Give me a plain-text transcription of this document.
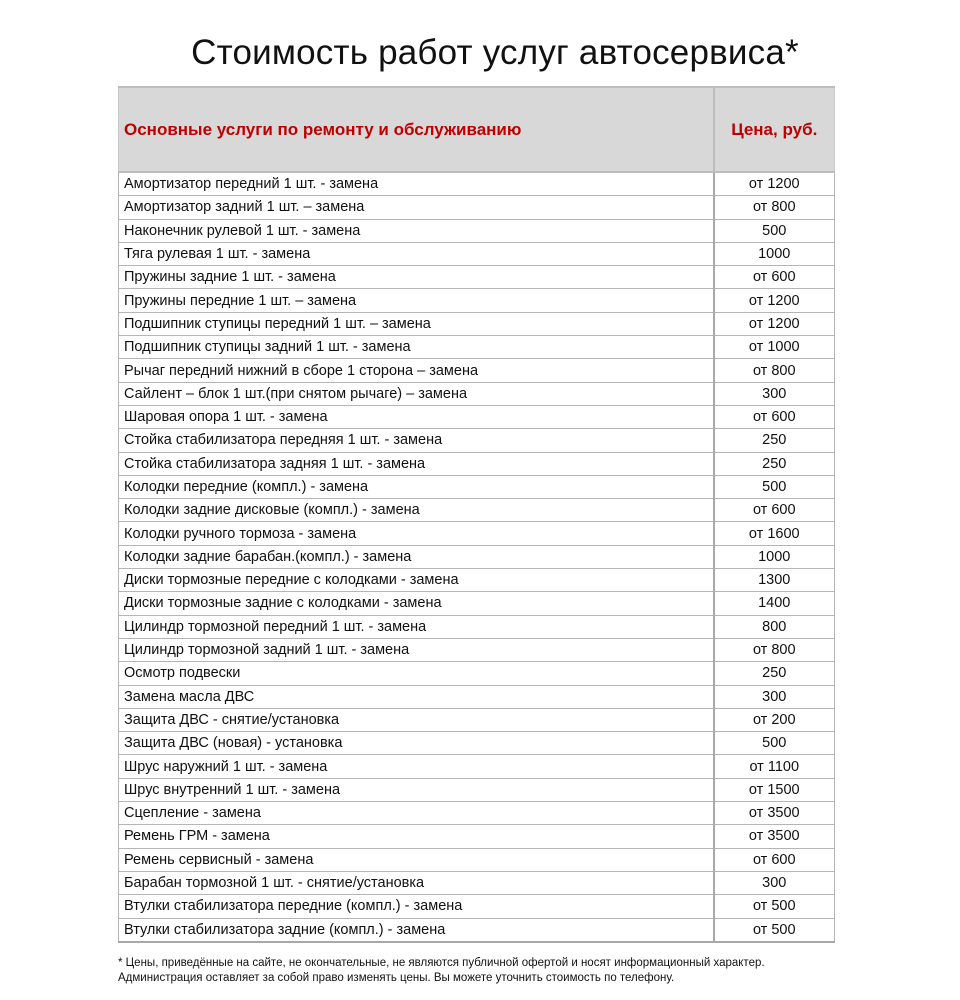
Стоимость работ услуг автосервиса*
Основные услуги по ремонту и обслуживанию	Цена, руб.
Амортизатор передний 1 шт. - замена	от 1200
Амортизатор задний 1 шт. – замена	от 800
Наконечник рулевой 1 шт. - замена	500
Тяга рулевая 1 шт. - замена	1000
Пружины задние 1 шт. - замена	от 600
Пружины передние 1 шт. – замена	от 1200
Подшипник ступицы передний 1 шт. – замена	от 1200
Подшипник ступицы задний 1 шт. - замена	от 1000
Рычаг передний нижний в сборе 1 сторона – замена	от 800
Сайлент – блок 1 шт.(при снятом рычаге) – замена	300
Шаровая опора 1 шт. - замена	от 600
Стойка стабилизатора передняя 1 шт. - замена	250
Стойка стабилизатора задняя 1 шт. - замена	250
Колодки передние (компл.) - замена	500
Колодки задние дисковые (компл.) - замена	от 600
Колодки ручного тормоза - замена	от 1600
Колодки задние барабан.(компл.) - замена	1000
Диски тормозные передние с колодками - замена	1300
Диски тормозные задние с колодками - замена	1400
Цилиндр тормозной передний 1 шт. - замена	800
Цилиндр тормозной задний 1 шт. - замена	от 800
Осмотр подвески	250
Замена масла ДВС	300
Защита ДВС - снятие/установка	от 200
Защита ДВС (новая) - установка	500
Шрус наружний 1 шт. - замена	от 1100
Шрус внутренний 1 шт. - замена	от 1500
Сцепление - замена	от 3500
Ремень ГРМ - замена	от 3500
Ремень сервисный - замена	от 600
Барабан тормозной 1 шт. - снятие/установка	300
Втулки стабилизатора передние (компл.) - замена	от 500
Втулки стабилизатора задние (компл.) - замена	от 500
* Цены, приведённые на сайте, не окончательные, не являются публичной офертой и носят информационный характер.
Администрация оставляет за собой право изменять цены. Вы можете уточнить стоимость по телефону.
